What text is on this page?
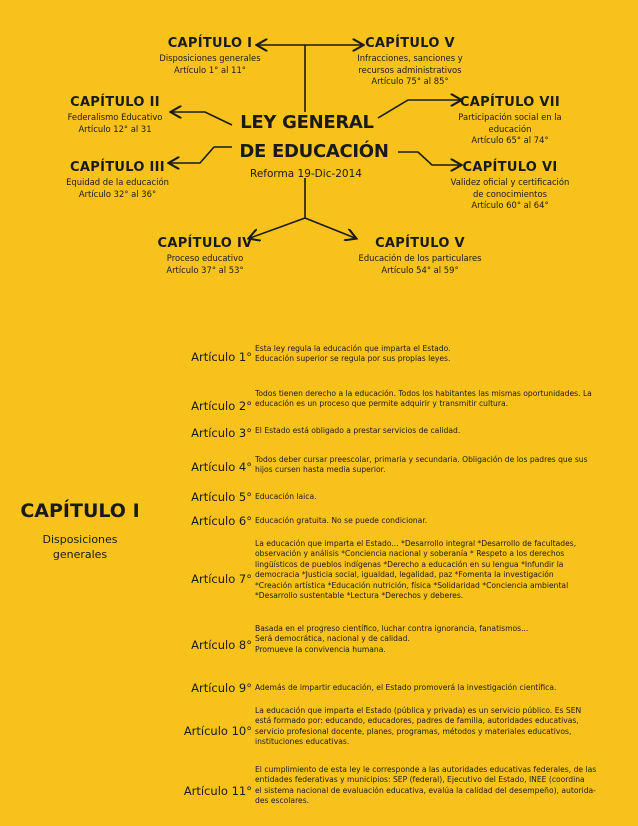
LEY GENERAL
DE EDUCACIÓN
Reforma 19-Dic-2014
CAPÍTULO I
Disposiciones generales
Artículo 1° al 11°
CAPÍTULO V
Infracciones, sanciones y
recursos administrativos
Artículo 75° al 85°
CAPÍTULO II
Federalismo Educativo
Artículo 12° al 31
CAPÍTULO VII
Participación social en la
educación
Artículo 65° al 74°
CAPÍTULO III
Equidad de la educación
Artículo 32° al 36°
CAPÍTULO VI
Validez oficial y certificación
de conocimientos
Artículo 60° al 64°
CAPÍTULO IV
Proceso educativo
Artículo 37° al 53°
CAPÍTULO V
Educación de los particulares
Artículo 54° al 59°
CAPÍTULO I
Disposiciones
generales
Artículo 1°
Esta ley regula la educación que imparta el Estado.
Educación superior se regula por sus propias leyes.
Artículo 2°
Todos tienen derecho a la educación. Todos los habitantes las mismas oportunidades. La
educación es un proceso que permite adquirir y transmitir cultura.
Artículo 3° El Estado está obligado a prestar servicios de calidad.
Artículo 4°
Todos deber cursar preescolar, primaria y secundaria. Obligación de los padres que sus
hijos cursen hasta media superior.
Artículo 5° Educación laica.
Artículo 6° Educación gratuita. No se puede condicionar.
Artículo 7°
La educación que imparta el Estado... *Desarrollo integral *Desarrollo de facultades,
observación y análisis *Conciencia nacional y soberanía * Respeto a los derechos
lingüísticos de pueblos indígenas *Derecho a educación en su lengua *Infundir la
democracia *Justicia social, igualdad, legalidad, paz *Fomenta la investigación
*Creación artística *Educación nutrición, física *Solidaridad *Conciencia ambiental
*Desarrollo sustentable *Lectura *Derechos y deberes.
Artículo 8°
Basada en el progreso científico, luchar contra ignorancia, fanatismos...
Será democrática, nacional y de calidad.
Promueve la convivencia humana.
Artículo 9° Además de impartir educación, el Estado promoverá la investigación científica.
Artículo 10°
La educación que imparta el Estado (pública y privada) es un servicio público. Es SEN
está formado por: educando, educadores, padres de familia, autoridades educativas,
servicio profesional docente, planes, programas, métodos y materiales educativos,
instituciones educativas.
Artículo 11°
El cumplimiento de esta ley le corresponde a las autoridades educativas federales, de las
entidades federativas y municipios: SEP (federal), Ejecutivo del Estado, INEE (coordina
el sistema nacional de evaluación educativa, evalúa la calidad del desempeño), autorida-
des escolares.
